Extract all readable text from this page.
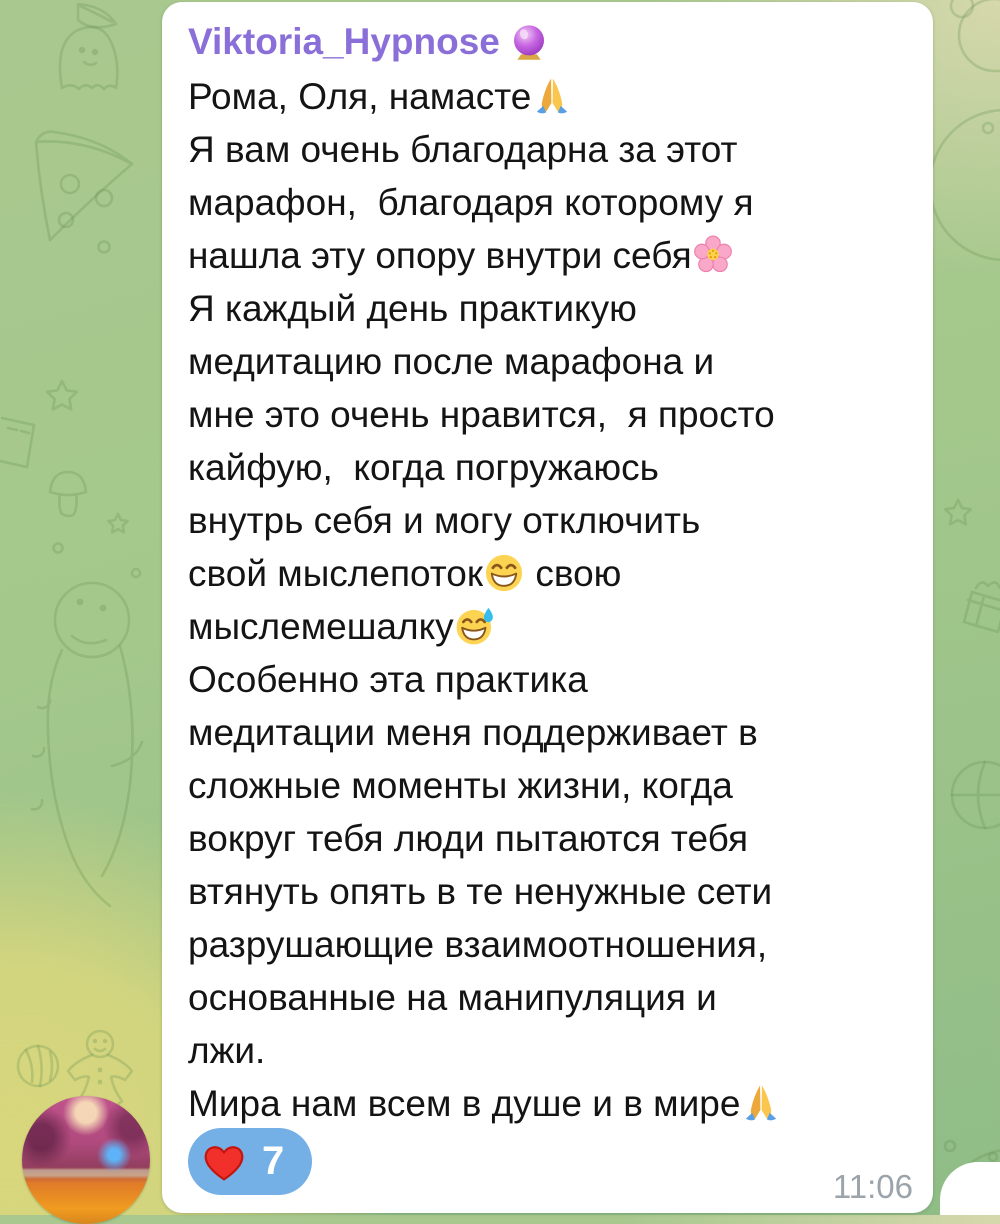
Viktoria_Hypnose
Рома, Оля, намасте
Я вам очень благодарна за этот
марафон,  благодаря которому я
нашла эту опору внутри себя
Я каждый день практикую
медитацию после марафона и
мне это очень нравится,  я просто
кайфую,  когда погружаюсь
внутрь себя и могу отключить
свой мыслепоток
свою
мыслемешалку
Особенно эта практика
медитации меня поддерживает в
сложные моменты жизни, когда
вокруг тебя люди пытаются тебя
втянуть опять в те ненужные сети
разрушающие взаимоотношения,
основанные на манипуляция и
лжи.
Мира нам всем в душе и в мире
7
11:06
